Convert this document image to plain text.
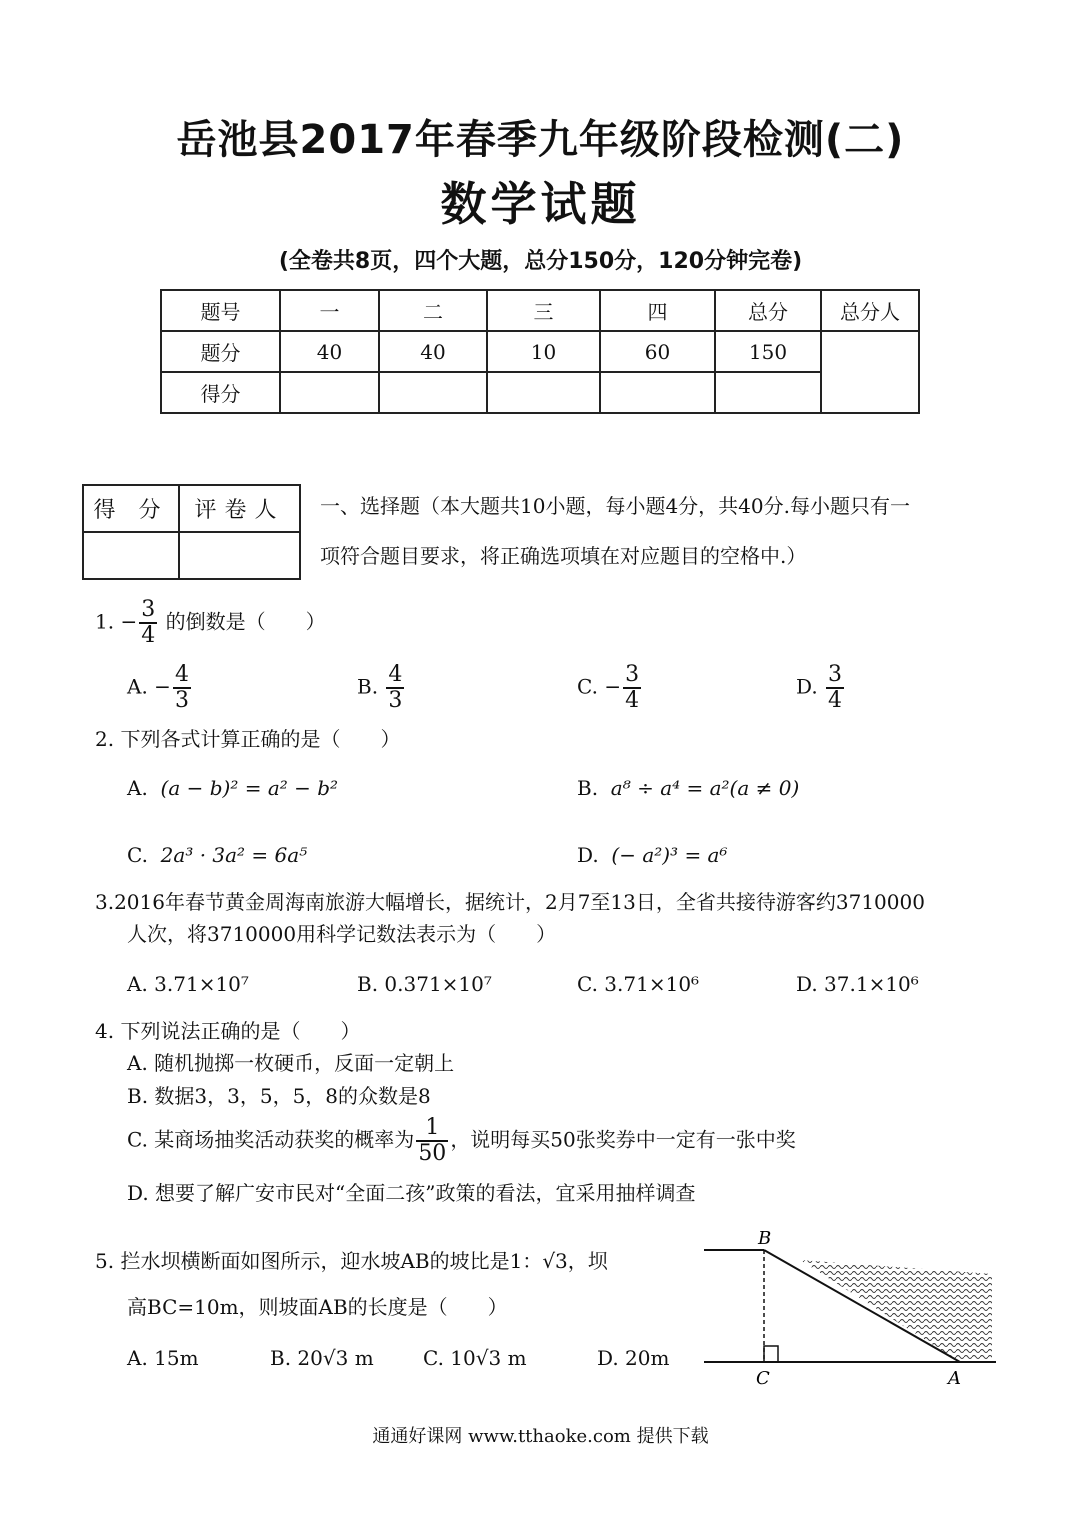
岳池县2017年春季九年级阶段检测(二)
数学试题
(全卷共8页，四个大题，总分150分，120分钟完卷)
题号	一	二	三	四	总分	总分人
题分	40	40	10	60	150	
得分						
得 分	评卷人
	一、选择题（本大题共10小题，每小题4分，共40分.每小题只有一
项符合题目要求，将正确选项填在对应题目的空格中.）
1. − $\frac{3}{4}$ 的倒数是（　　）
A. − $\frac{4}{3}$	B. $\frac{4}{3}$	C. − $\frac{3}{4}$	D. $\frac{3}{4}$
2. 下列各式计算正确的是（　　）
A. (a − b)² = a² − b²	B. a⁸ ÷ a⁴ = a²(a ≠ 0)
C. 2a³ · 3a² = 6a⁵	D. (− a²)³ = a⁶
3.2016年春节黄金周海南旅游大幅增长，据统计，2月7至13日，全省共接待游客约3710000
人次，将3710000用科学记数法表示为（　　）
A. 3.71×10⁷	B. 0.371×10⁷	C. 3.71×10⁶	D. 37.1×10⁶
4. 下列说法正确的是（　　）
A. 随机抛掷一枚硬币，反面一定朝上
B. 数据3，3，5，5，8的众数是8
C. 某商场抽奖活动获奖的概率为 $\frac{1}{50}$ ，说明每买50张奖券中一定有一张中奖
D. 想要了解广安市民对“全面二孩”政策的看法，宜采用抽样调查
5. 拦水坝横断面如图所示，迎水坡AB的坡比是1：√3，坝
高BC=10m，则坡面AB的长度是（　　）
A. 15m	B. 20√3 m C. 10√3 m	D. 20m
B
C	A
通通好课网 www.tthaoke.com 提供下载
